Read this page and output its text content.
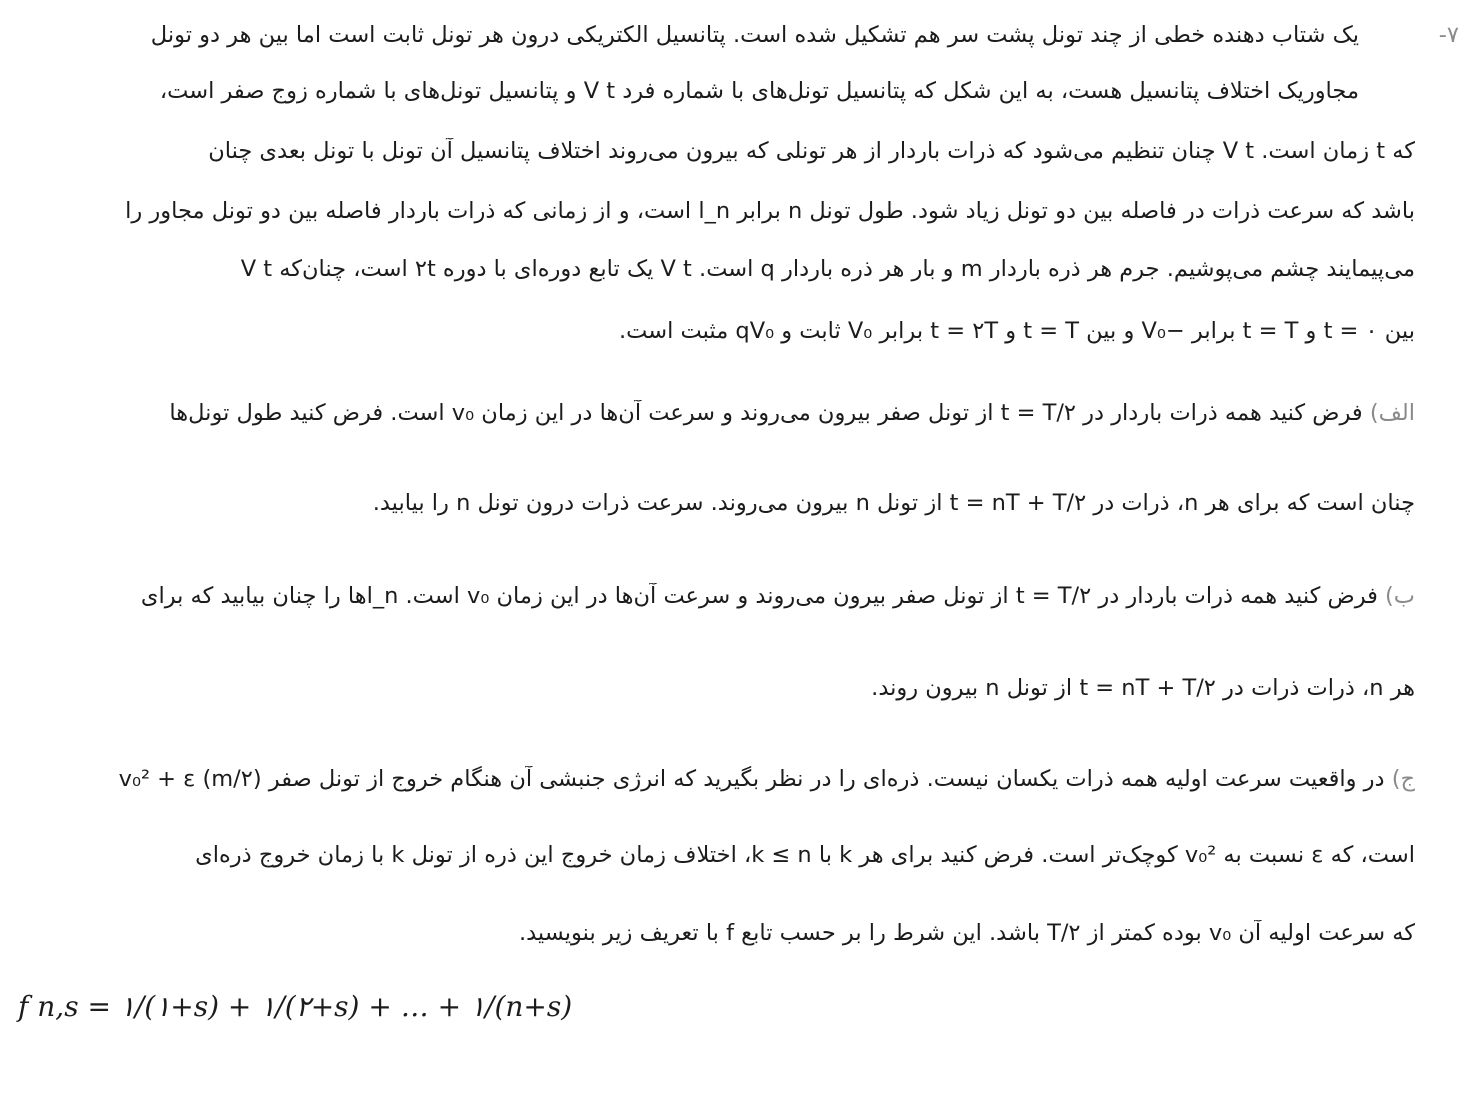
۷-
یک شتاب دهنده خطی از چند تونل پشت سر هم تشکیل شده است. پتانسیل الکتریکی درون هر تونل ثابت است اما بین هر دو تونل
مجاوریک اختلاف پتانسیل هست، به این شکل که پتانسیل تونل‌های با شماره فرد V t و پتانسیل تونل‌های با شماره زوج صفر است،
که t زمان است. V t چنان تنظیم می‌شود که ذرات باردار از هر تونلی که بیرون می‌روند اختلاف پتانسیل آن تونل با تونل بعدی چنان
باشد که سرعت ذرات در فاصله بین دو تونل زیاد شود. طول تونل n برابر l_n است، و از زمانی که ذرات باردار فاصله بین دو تونل مجاور را
می‌پیمایند چشم می‌پوشیم. جرم هر ذره باردار m و بار هر ذره باردار q است. V t یک تابع دوره‌ای با دوره ۲t است، چنان‌که V t
بین t = ۰ و t = T برابر −V₀ و بین t = T و t = ۲T برابر V₀ ثابت و qV₀ مثبت است.
الف) فرض کنید همه ذرات باردار در t = T/۲ از تونل صفر بیرون می‌روند و سرعت آن‌ها در این زمان v₀ است. فرض کنید طول تونل‌ها
چنان است که برای هر n، ذرات در t = nT + T/۲ از تونل n بیرون می‌روند. سرعت ذرات درون تونل n را بیابید.
ب) فرض کنید همه ذرات باردار در t = T/۲ از تونل صفر بیرون می‌روند و سرعت آن‌ها در این زمان v₀ است. l_nها را چنان بیابید که برای
هر n، ذرات ذرات در t = nT + T/۲ از تونل n بیرون روند.
ج) در واقعیت سرعت اولیه همه ذرات یکسان نیست. ذره‌ای را در نظر بگیرید که انرژی جنبشی آن هنگام خروج از تونل صفر (m/۲) v₀² + ε
است، که ε نسبت به v₀² کوچک‌تر است. فرض کنید برای هر k با k ≤ n، اختلاف زمان خروج این ذره از تونل k با زمان خروج ذره‌ای
که سرعت اولیه آن v₀ بوده کمتر از T/۲ باشد. این شرط را بر حسب تابع f با تعریف زیر بنویسید.
f n,s = ۱/(۱+s) + ۱/(۲+s) + … + ۱/(n+s)
